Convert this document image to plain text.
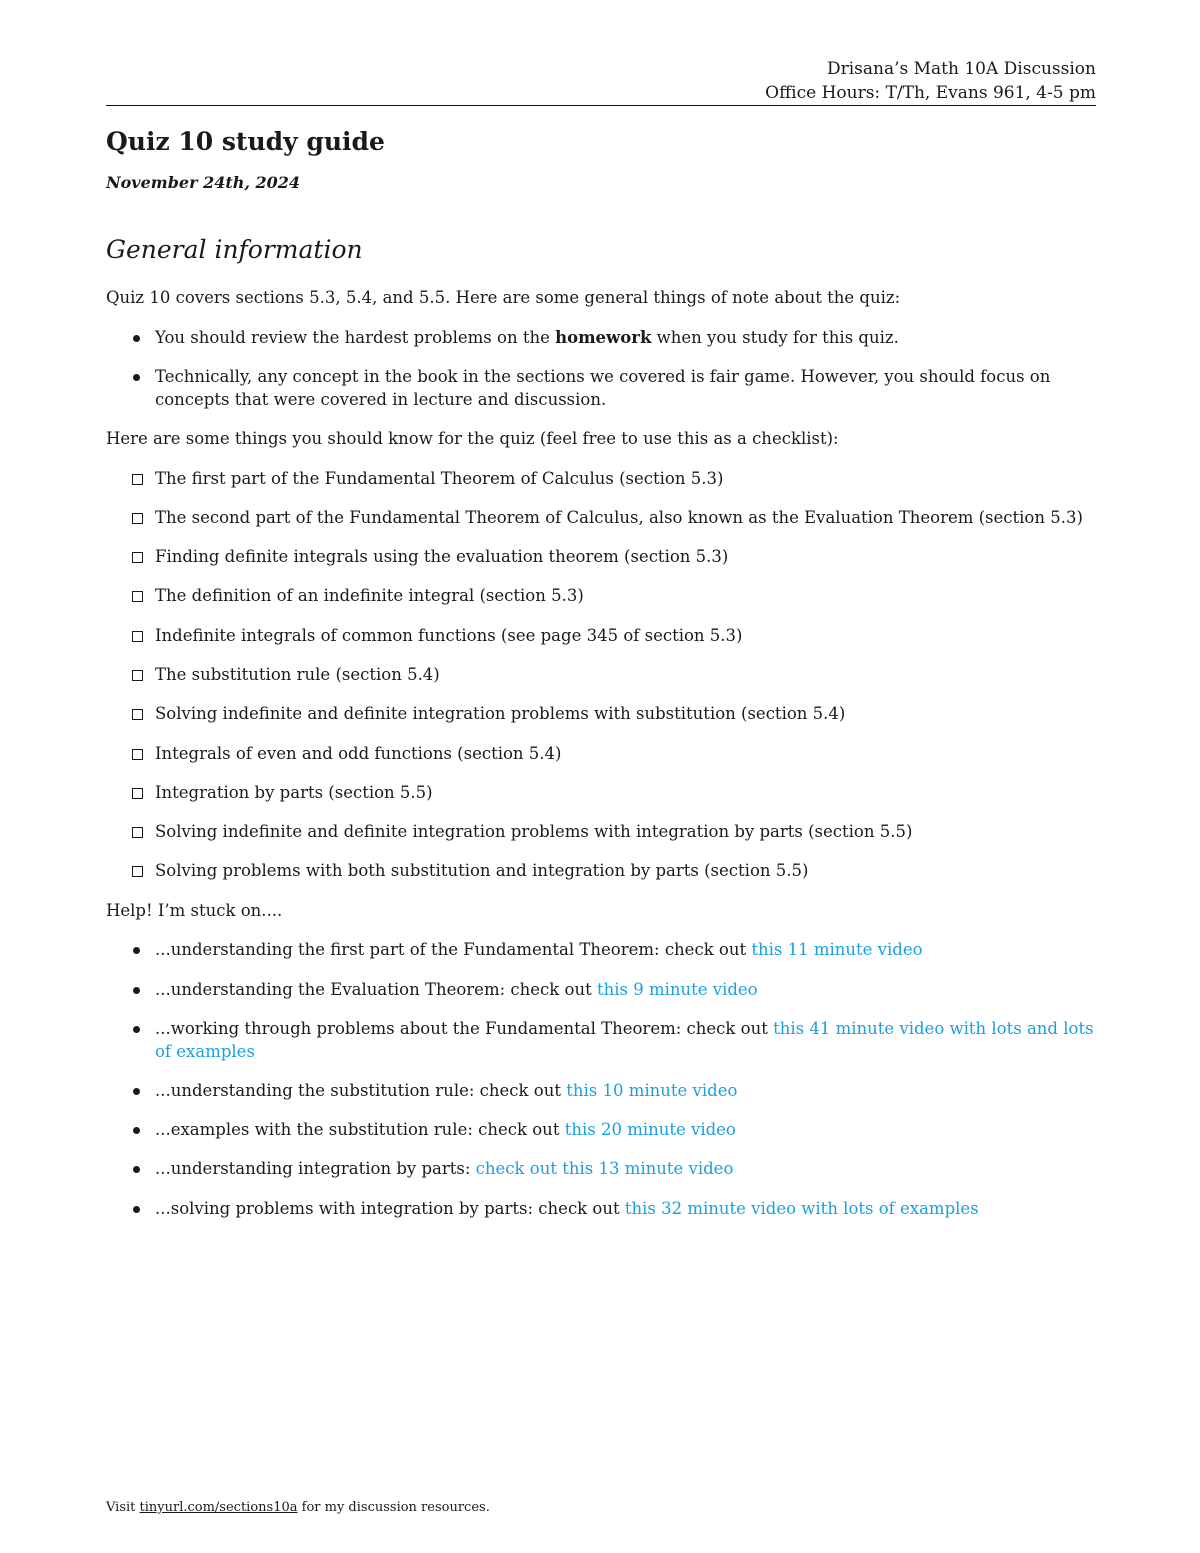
Drisana’s Math 10A Discussion
Office Hours: T/Th, Evans 961, 4-5 pm
Quiz 10 study guide
November 24th, 2024
General information

Quiz 10 covers sections 5.3, 5.4, and 5.5. Here are some general things of note about the quiz:

You should review the hardest problems on the homework when you study for this quiz.
Technically, any concept in the book in the sections we covered is fair game. However, you should focus on concepts that were covered in lecture and discussion.

Here are some things you should know for the quiz (feel free to use this as a checklist):

The first part of the Fundamental Theorem of Calculus (section 5.3)
The second part of the Fundamental Theorem of Calculus, also known as the Evaluation Theorem (section 5.3)
Finding definite integrals using the evaluation theorem (section 5.3)
The definition of an indefinite integral (section 5.3)
Indefinite integrals of common functions (see page 345 of section 5.3)
The substitution rule (section 5.4)
Solving indefinite and definite integration problems with substitution (section 5.4)
Integrals of even and odd functions (section 5.4)
Integration by parts (section 5.5)
Solving indefinite and definite integration problems with integration by parts (section 5.5)
Solving problems with both substitution and integration by parts (section 5.5)

Help! I’m stuck on....

...understanding the first part of the Fundamental Theorem: check out this 11 minute video
...understanding the Evaluation Theorem: check out this 9 minute video
...working through problems about the Fundamental Theorem: check out this 41 minute video with lots and lots of examples
...understanding the substitution rule: check out this 10 minute video
...examples with the substitution rule: check out this 20 minute video
...understanding integration by parts: check out this 13 minute video
...solving problems with integration by parts: check out this 32 minute video with lots of examples
Visit tinyurl.com/sections10a for my discussion resources.
